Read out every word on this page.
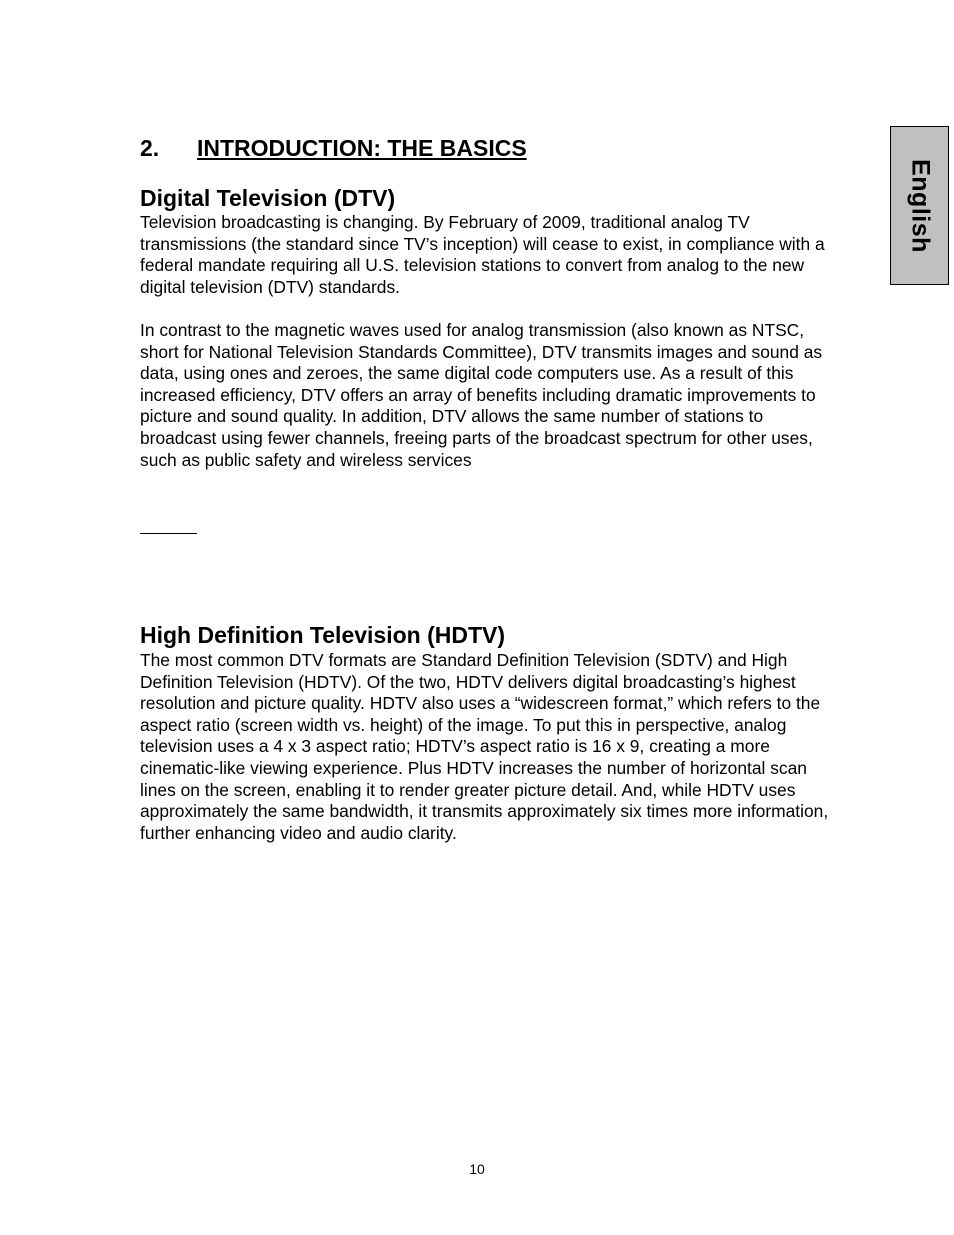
English
2. INTRODUCTION: THE BASICS
Digital Television (DTV)

Television broadcasting is changing. By February of 2009, traditional analog TV transmissions (the standard since TV’s inception) will cease to exist, in compliance with a federal mandate requiring all U.S. television stations to convert from analog to the new digital television (DTV) standards.

In contrast to the magnetic waves used for analog transmission (also known as NTSC, short for National Television Standards Committee), DTV transmits images and sound as data, using ones and zeroes, the same digital code computers use. As a result of this increased efficiency, DTV offers an array of benefits including dramatic improvements to picture and sound quality. In addition, DTV allows the same number of stations to broadcast using fewer channels, freeing parts of the broadcast spectrum for other uses, such as public safety and wireless services

High Definition Television (HDTV)

The most common DTV formats are Standard Definition Television (SDTV) and High Definition Television (HDTV). Of the two, HDTV delivers digital broadcasting’s highest resolution and picture quality. HDTV also uses a “widescreen format,” which refers to the aspect ratio (screen width vs. height) of the image. To put this in perspective, analog television uses a 4 x 3 aspect ratio; HDTV’s aspect ratio is 16 x 9, creating a more cinematic-like viewing experience. Plus HDTV increases the number of horizontal scan lines on the screen, enabling it to render greater picture detail. And, while HDTV uses approximately the same bandwidth, it transmits approximately six times more information, further enhancing video and audio clarity.

10
